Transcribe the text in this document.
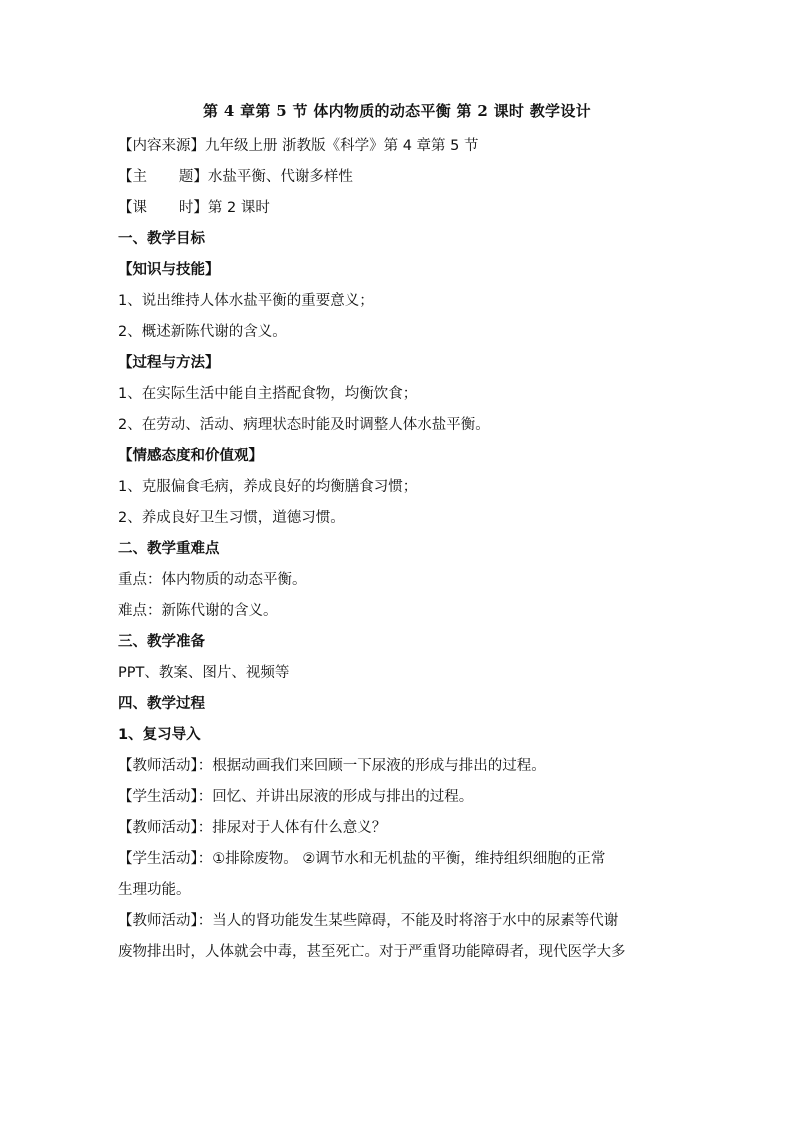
第 4 章第 5 节 体内物质的动态平衡 第 2 课时 教学设计
【内容来源】九年级上册 浙教版《科学》第 4 章第 5 节
【主 题】水盐平衡、代谢多样性
【课 时】第 2 课时
一、教学目标
【知识与技能】
1、说出维持人体水盐平衡的重要意义；
2、概述新陈代谢的含义。
【过程与方法】
1、在实际生活中能自主搭配食物，均衡饮食；
2、在劳动、活动、病理状态时能及时调整人体水盐平衡。
【情感态度和价值观】
1、克服偏食毛病，养成良好的均衡膳食习惯；
2、养成良好卫生习惯，道德习惯。
二、教学重难点
重点：体内物质的动态平衡。
难点：新陈代谢的含义。
三、教学准备
PPT、教案、图片、视频等
四、教学过程
1、复习导入
【教师活动】：根据动画我们来回顾一下尿液的形成与排出的过程。
【学生活动】：回忆、并讲出尿液的形成与排出的过程。
【教师活动】：排尿对于人体有什么意义？
【学生活动】：①排除废物。 ②调节水和无机盐的平衡，维持组织细胞的正常
生理功能。
【教师活动】：当人的肾功能发生某些障碍，不能及时将溶于水中的尿素等代谢
废物排出时，人体就会中毒，甚至死亡。对于严重肾功能障碍者，现代医学大多
